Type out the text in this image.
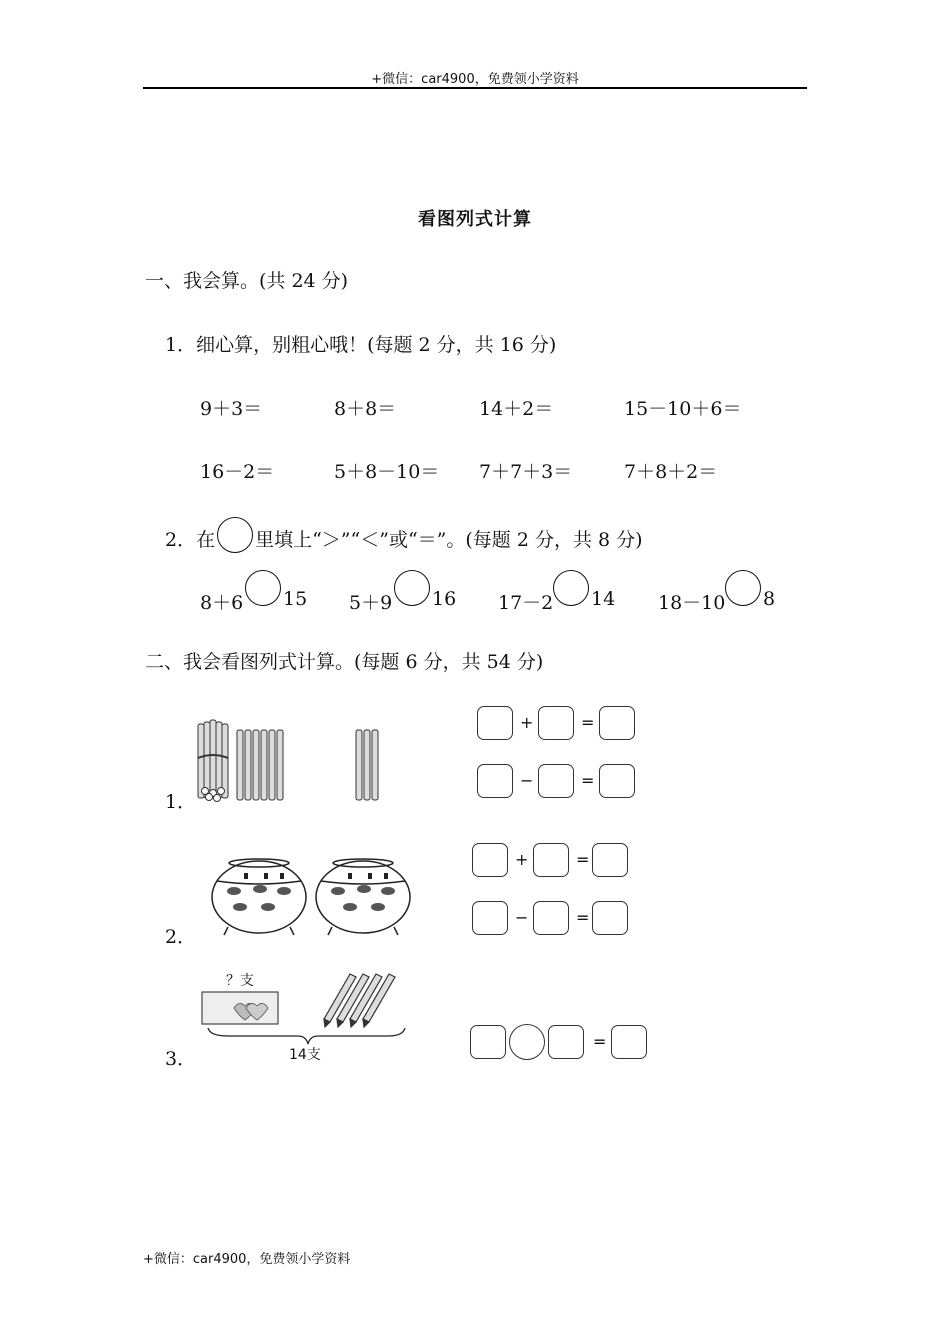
+微信：car4900，免费领小学资料
+微信：car4900，免费领小学资料
看图列式计算
一、我会算。(共 24 分)
1．细心算，别粗心哦！(每题 2 分，共 16 分)
9＋3＝	8＋8＝	14＋2＝	15－10＋6＝
16－2＝	5＋8－10＝ 7＋7＋3＝	7＋8＋2＝
2．在 里填上“＞”“＜”或“＝”。(每题 2 分，共 8 分)
8＋6 15 5＋9 16 17－2 14 18－10 8
二、我会看图列式计算。(每题 6 分，共 54 分)
1．
+	=
−	=
2．
+	=
−	=
3．
？支
14支
=
